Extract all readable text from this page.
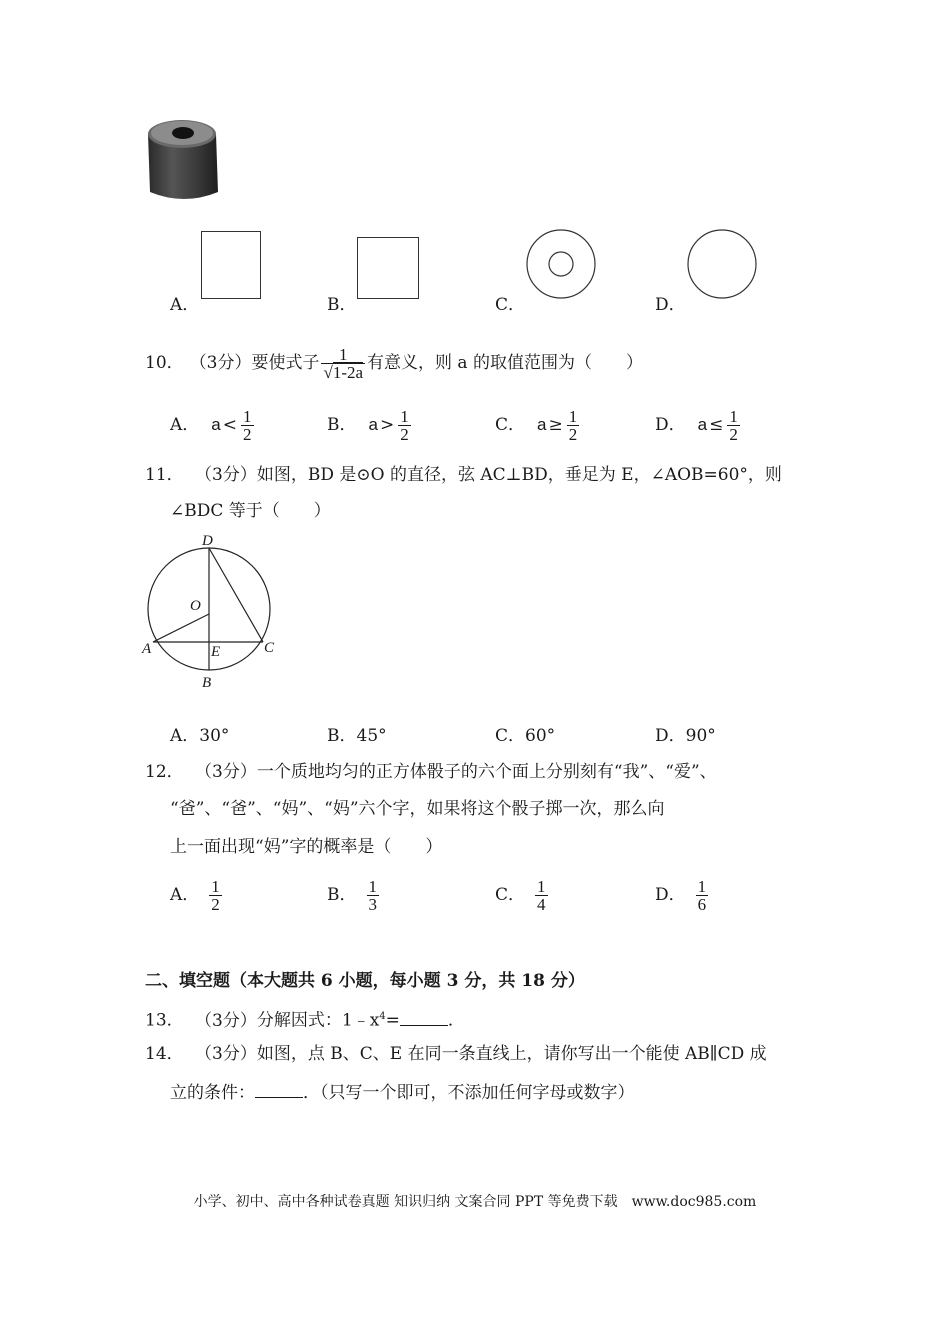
A．	B．	C．	D．
10． （3分） 要使式子 $\frac{1}{√1-2a}$ 有意义，则 a 的取值范围为（　　）
A． $a < \frac{1}{2}$	B． $a > \frac{1}{2}$	C． $a \ge \frac{1}{2}$	D． $a \le \frac{1}{2}$
11． （3分）如图，BD 是⊙O 的直径，弦 AC⊥BD，垂足为 E，∠AOB=60°，则
∠BDC 等于（　　）
D
O
A	E	C
B
A．30°	B．45°	C．60°	D．90°
12． （3分）一个质地均匀的正方体骰子的六个面上分别刻有“我”、“爱”、
“爸”、“爸”、“妈”、“妈”六个字，如果将这个骰子掷一次，那么向
上一面出现“妈”字的概率是（　　）
A． $\frac{1}{2}$	B． $\frac{1}{3}$	C． $\frac{1}{4}$	D． $\frac{1}{6}$
二、填空题（本大题共 6 小题，每小题 3 分，共 18 分）
13． （3分）分解因式：$1﹣x^4=$	．
14． （3分）如图，点 B、C、E 在同一条直线上，请你写出一个能使 AB∥CD 成
立的条件：	．（只写一个即可，不添加任何字母或数字）
小学、初中、高中各种试卷真题 知识归纳 文案合同 PPT 等免费下载　www.doc985.com
